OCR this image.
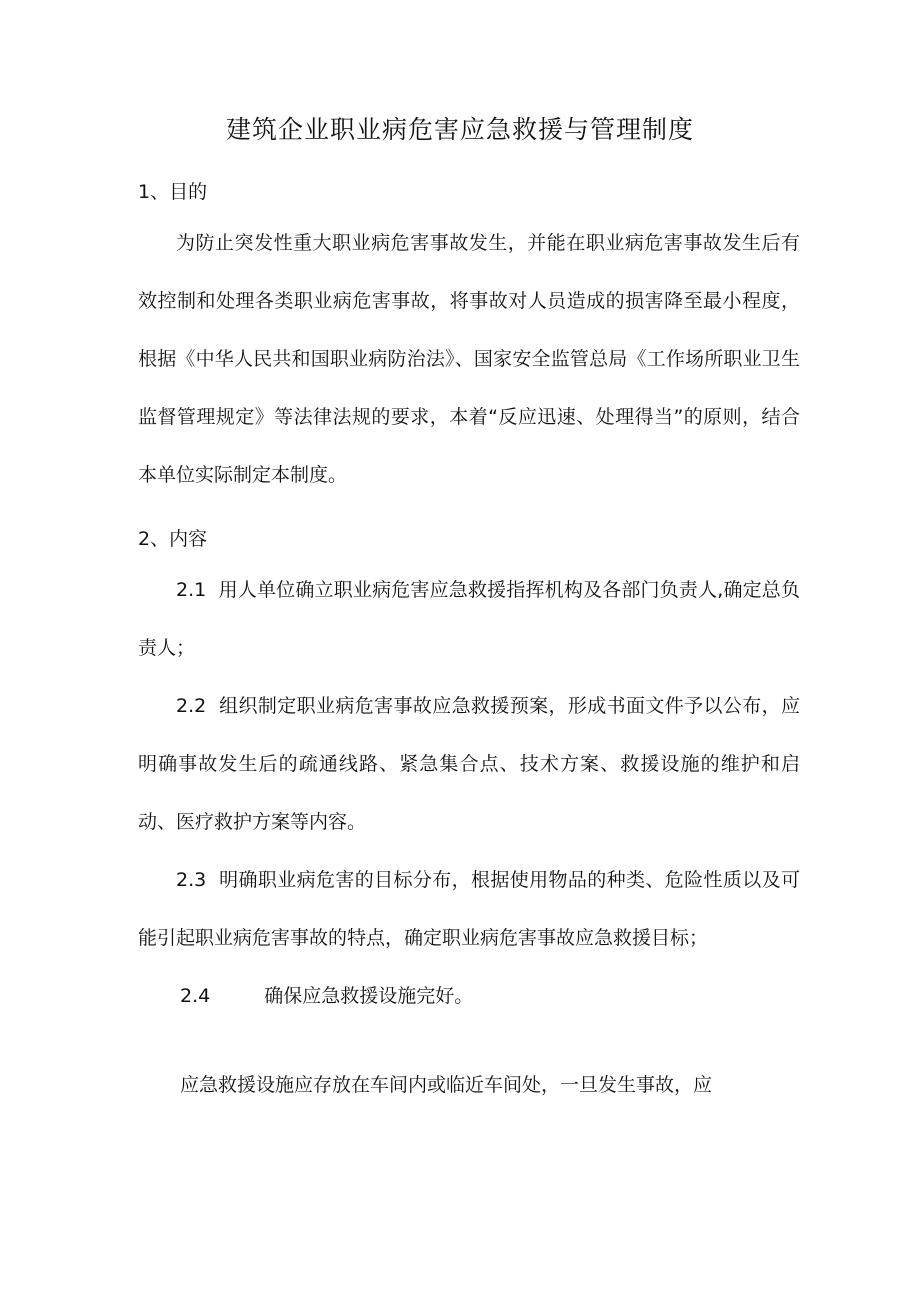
建筑企业职业病危害应急救援与管理制度
1、目的

为防止突发性重大职业病危害事故发生，并能在职业病危害事故发生后有效控制和处理各类职业病危害事故，将事故对人员造成的损害降至最小程度，根据《中华人民共和国职业病防治法》、国家安全监管总局《工作场所职业卫生监督管理规定》等法律法规的要求，本着“反应迅速、处理得当”的原则，结合本单位实际制定本制度。

2、内容

2.1 用人单位确立职业病危害应急救援指挥机构及各部门负责人,确定总负责人；

2.2 组织制定职业病危害事故应急救援预案，形成书面文件予以公布，应明确事故发生后的疏通线路、紧急集合点、技术方案、救援设施的维护和启动、医疗救护方案等内容。

2.3 明确职业病危害的目标分布，根据使用物品的种类、危险性质以及可能引起职业病危害事故的特点，确定职业病危害事故应急救援目标；

2.4	确保应急救援设施完好。

应急救援设施应存放在车间内或临近车间处，一旦发生事故，应
